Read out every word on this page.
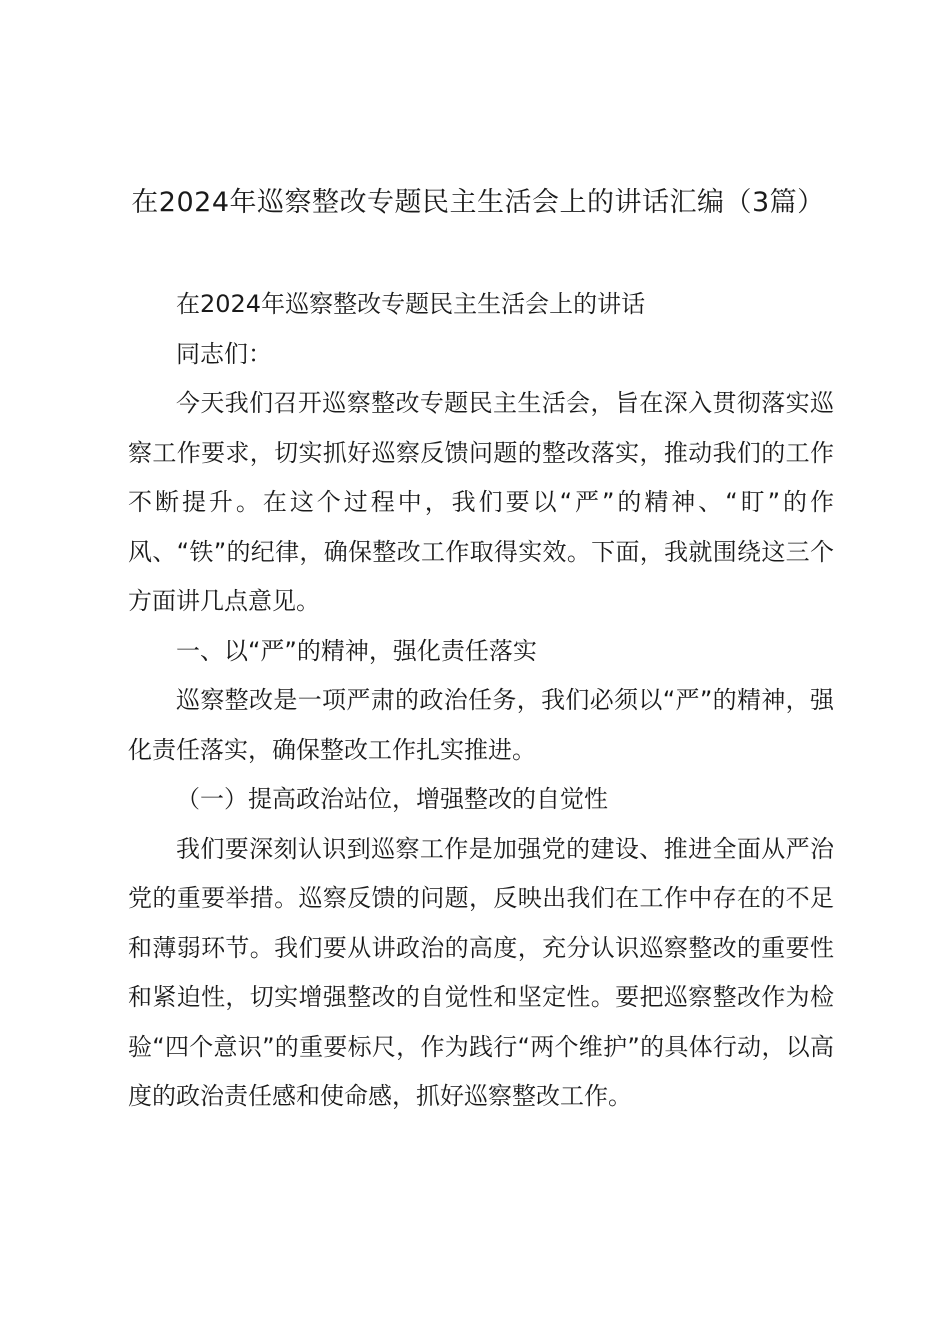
在2024年巡察整改专题民主生活会上的讲话汇编（3篇）

在2024年巡察整改专题民主生活会上的讲话

同志们：

今天我们召开巡察整改专题民主生活会，旨在深入贯彻落实巡察工作要求，切实抓好巡察反馈问题的整改落实，推动我们的工作不断提升。在这个过程中，我们要以“严”的精神、“盯”的作风、“铁”的纪律，确保整改工作取得实效。下面，我就围绕这三个方面讲几点意见。

一、以“严”的精神，强化责任落实

巡察整改是一项严肃的政治任务，我们必须以“严”的精神，强化责任落实，确保整改工作扎实推进。

（一）提高政治站位，增强整改的自觉性

我们要深刻认识到巡察工作是加强党的建设、推进全面从严治党的重要举措。巡察反馈的问题，反映出我们在工作中存在的不足和薄弱环节。我们要从讲政治的高度，充分认识巡察整改的重要性和紧迫性，切实增强整改的自觉性和坚定性。要把巡察整改作为检验“四个意识”的重要标尺，作为践行“两个维护”的具体行动，以高度的政治责任感和使命感，抓好巡察整改工作。
